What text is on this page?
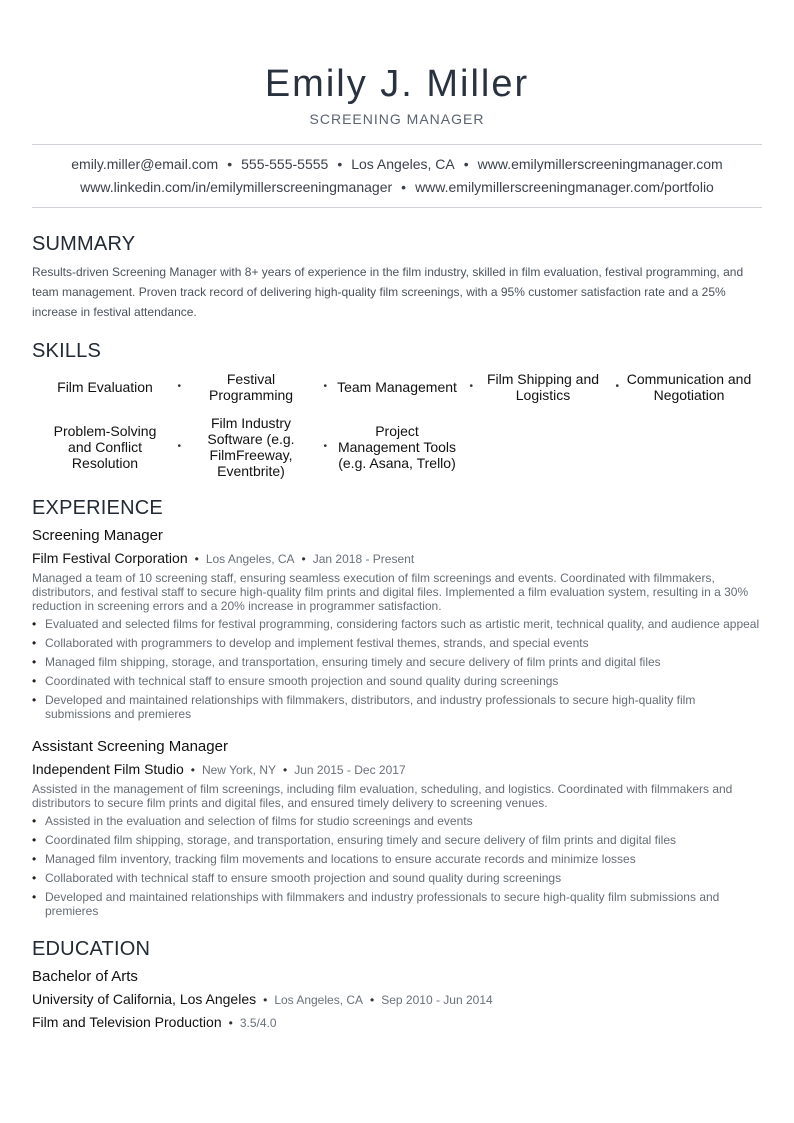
Emily J. Miller
SCREENING MANAGER
emily.miller@email.com • 555-555-5555 • Los Angeles, CA • www.emilymillerscreeningmanager.com
www.linkedin.com/in/emilymillerscreeningmanager • www.emilymillerscreeningmanager.com/portfolio
SUMMARY
Results-driven Screening Manager with 8+ years of experience in the film industry, skilled in film evaluation, festival programming, and team management. Proven track record of delivering high-quality film screenings, with a 95% customer satisfaction rate and a 25% increase in festival attendance.
SKILLS
Film Evaluation •	Festival Programming
• Team Management • Film Shipping and Logistics
• Communication and Negotiation
Problem-Solving and Conflict Resolution
•
Film Industry Software (e.g. FilmFreeway, Eventbrite)
•
Project Management Tools (e.g. Asana, Trello)
EXPERIENCE
Screening Manager
Film Festival Corporation • Los Angeles, CA • Jan 2018 - Present
Managed a team of 10 screening staff, ensuring seamless execution of film screenings and events. Coordinated with filmmakers, distributors, and festival staff to secure high-quality film prints and digital files. Implemented a film evaluation system, resulting in a 30% reduction in screening errors and a 20% increase in programmer satisfaction.
• Evaluated and selected films for festival programming, considering factors such as artistic merit, technical quality, and audience appeal
• Collaborated with programmers to develop and implement festival themes, strands, and special events
• Managed film shipping, storage, and transportation, ensuring timely and secure delivery of film prints and digital files
• Coordinated with technical staff to ensure smooth projection and sound quality during screenings
• Developed and maintained relationships with filmmakers, distributors, and industry professionals to secure high-quality film submissions and premieres
Assistant Screening Manager
Independent Film Studio • New York, NY • Jun 2015 - Dec 2017
Assisted in the management of film screenings, including film evaluation, scheduling, and logistics. Coordinated with filmmakers and distributors to secure film prints and digital files, and ensured timely delivery to screening venues.
• Assisted in the evaluation and selection of films for studio screenings and events
• Coordinated film shipping, storage, and transportation, ensuring timely and secure delivery of film prints and digital files
• Managed film inventory, tracking film movements and locations to ensure accurate records and minimize losses
• Collaborated with technical staff to ensure smooth projection and sound quality during screenings
• Developed and maintained relationships with filmmakers and industry professionals to secure high-quality film submissions and premieres
EDUCATION
Bachelor of Arts
University of California, Los Angeles • Los Angeles, CA • Sep 2010 - Jun 2014
Film and Television Production • 3.5/4.0
